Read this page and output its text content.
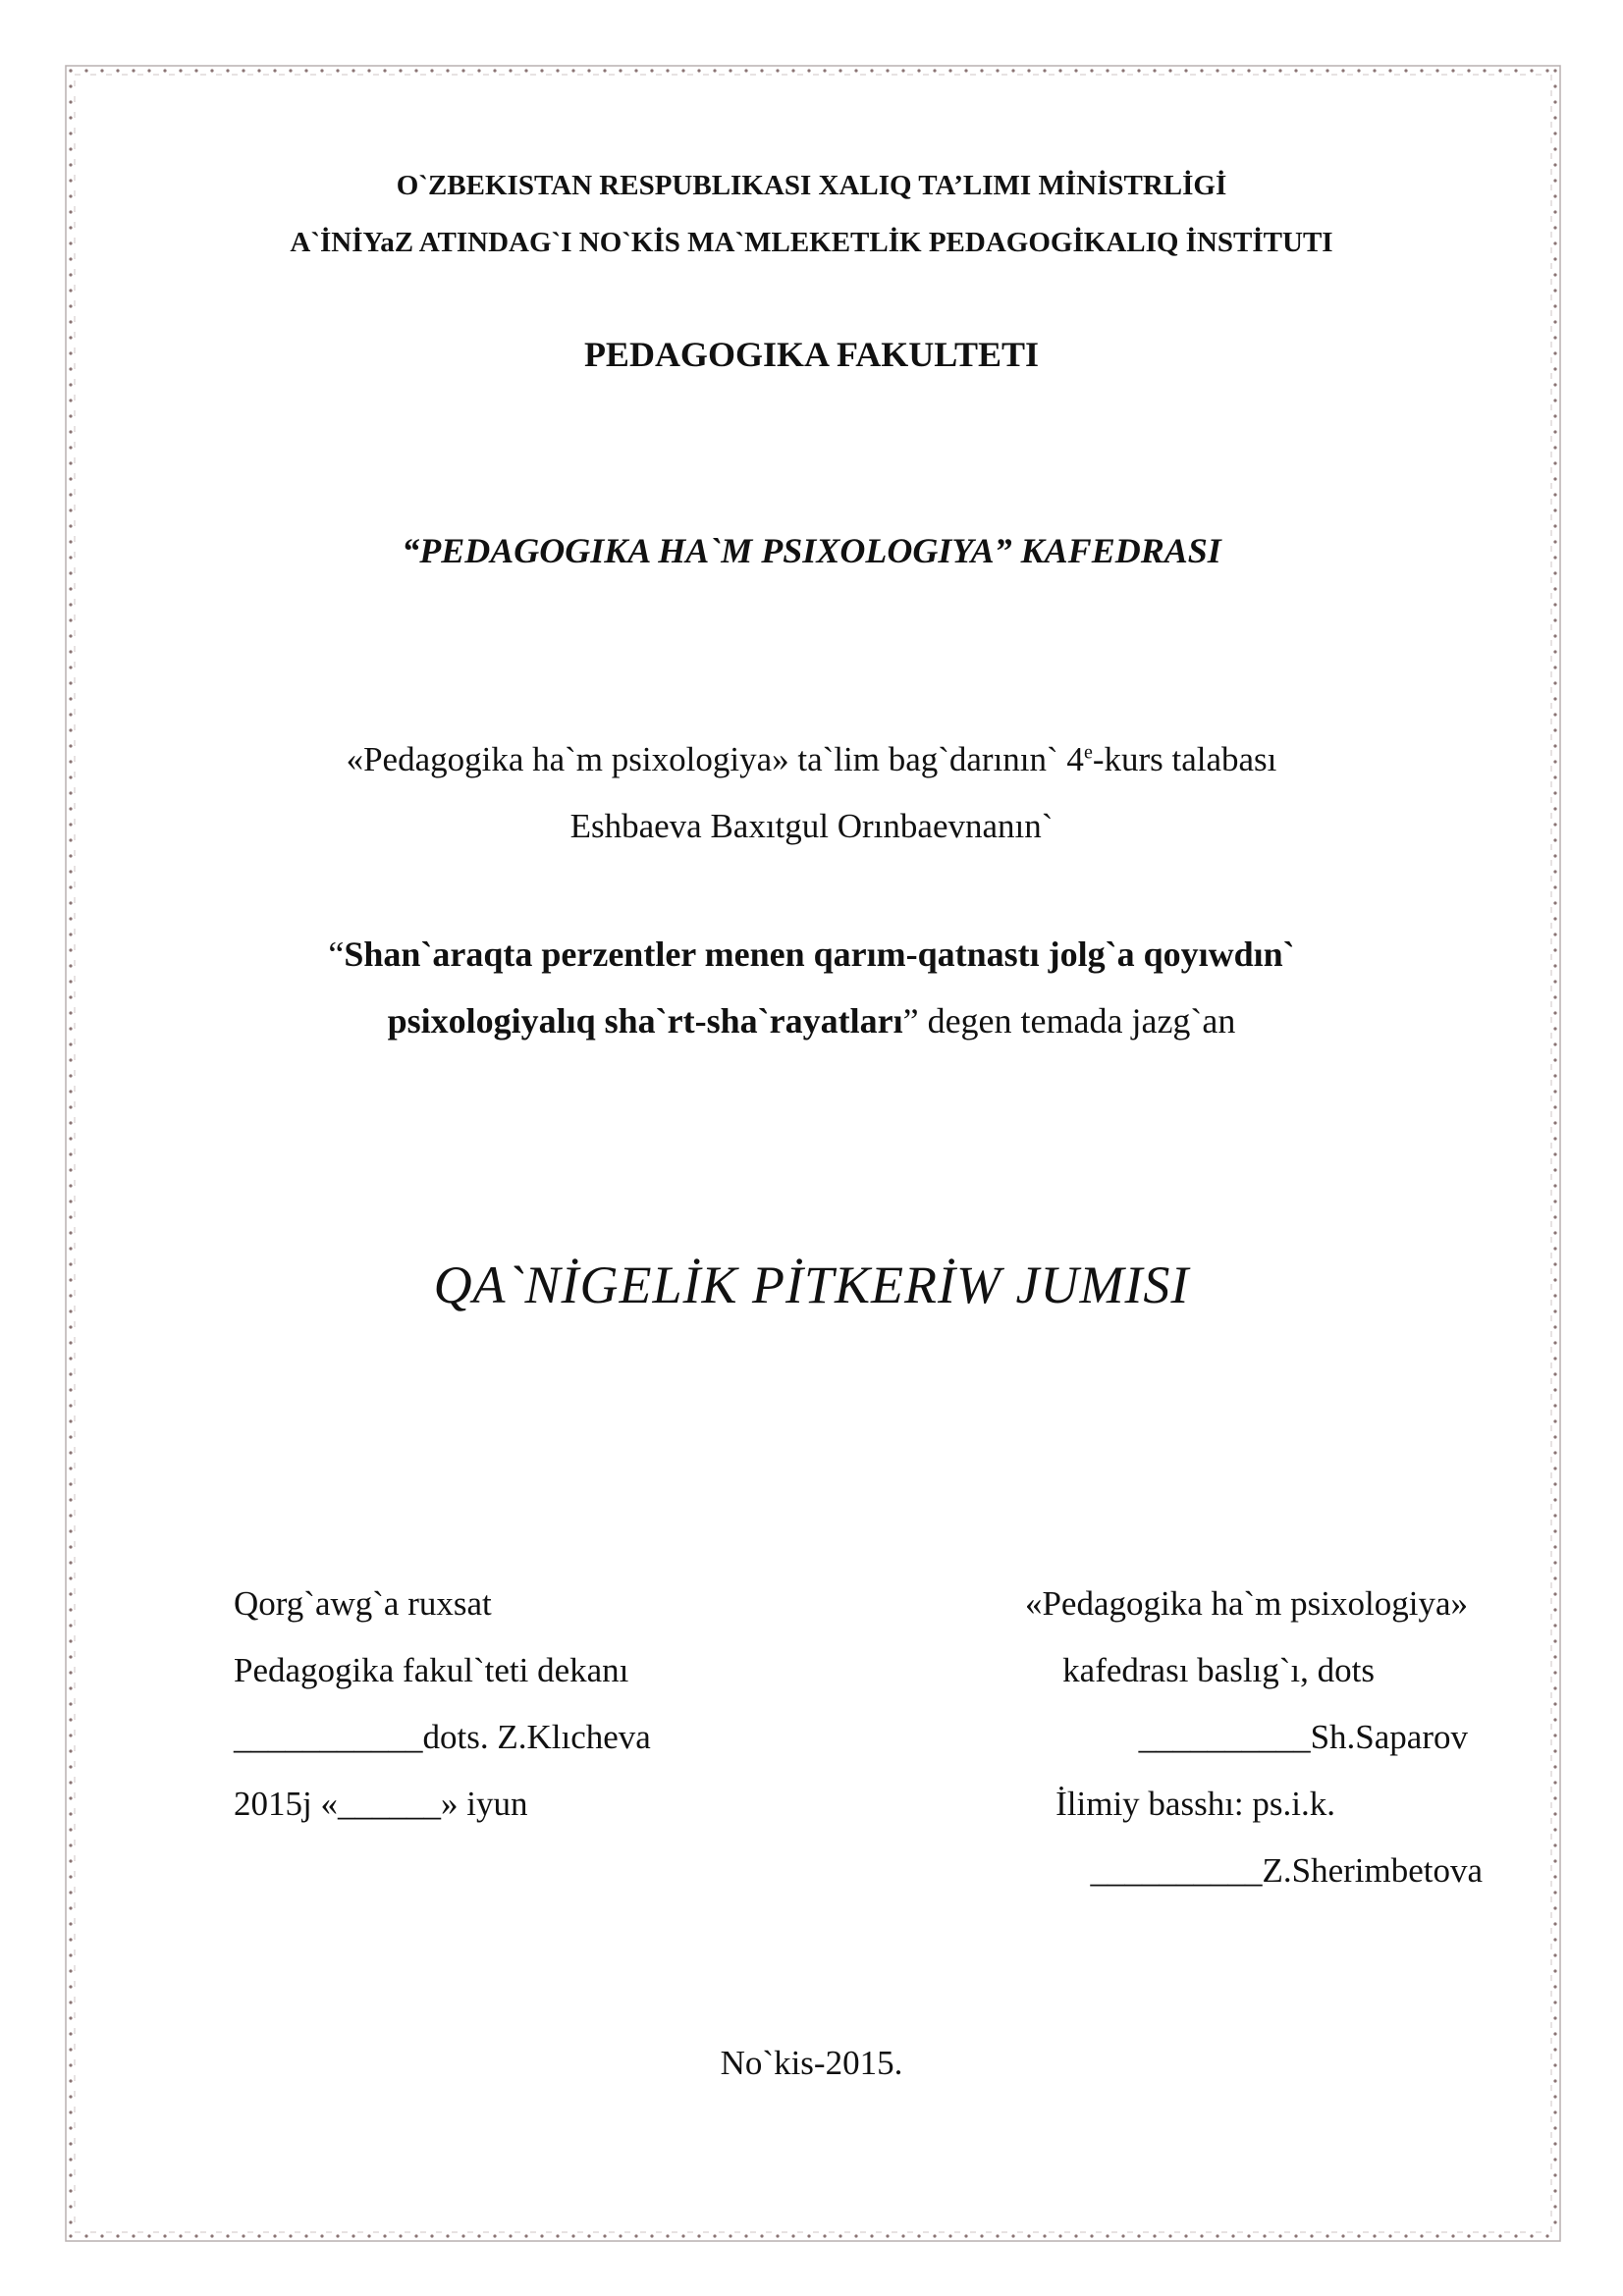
O`ZBEKISTAN RESPUBLIKASI XALIQ TA’LIMI MİNİSTRLİGİ
A`İNİYaZ ATINDAG`I NO`KİS MA`MLEKETLİK PEDAGOGİKALIQ İNSTİTUTI
PEDAGOGIKA FAKULTETI
“PEDAGOGIKA HA`M PSIXOLOGIYA” KAFEDRASI
«Pedagogika ha`m psixologiya» ta`lim bag`darının` 4e-kurs talabası
Eshbaeva Baxıtgul Orınbaevnanın`
“Shan`araqta perzentler menen qarım-qatnastı jolg`a qoyıwdın`
psixologiyalıq sha`rt-sha`rayatları” degen temada jazg`an
QA`NİGELİK PİTKERİW JUMISI
Qorg`awg`a ruxsat
Pedagogika fakul`teti dekanı
___________dots. Z.Klıcheva
2015j «______» iyun
«Pedagogika ha`m psixologiya»
kafedrası baslıg`ı, dots
__________Sh.Saparov
İlimiy basshı: ps.i.k.
__________Z.Sherimbetova
No`kis-2015.
